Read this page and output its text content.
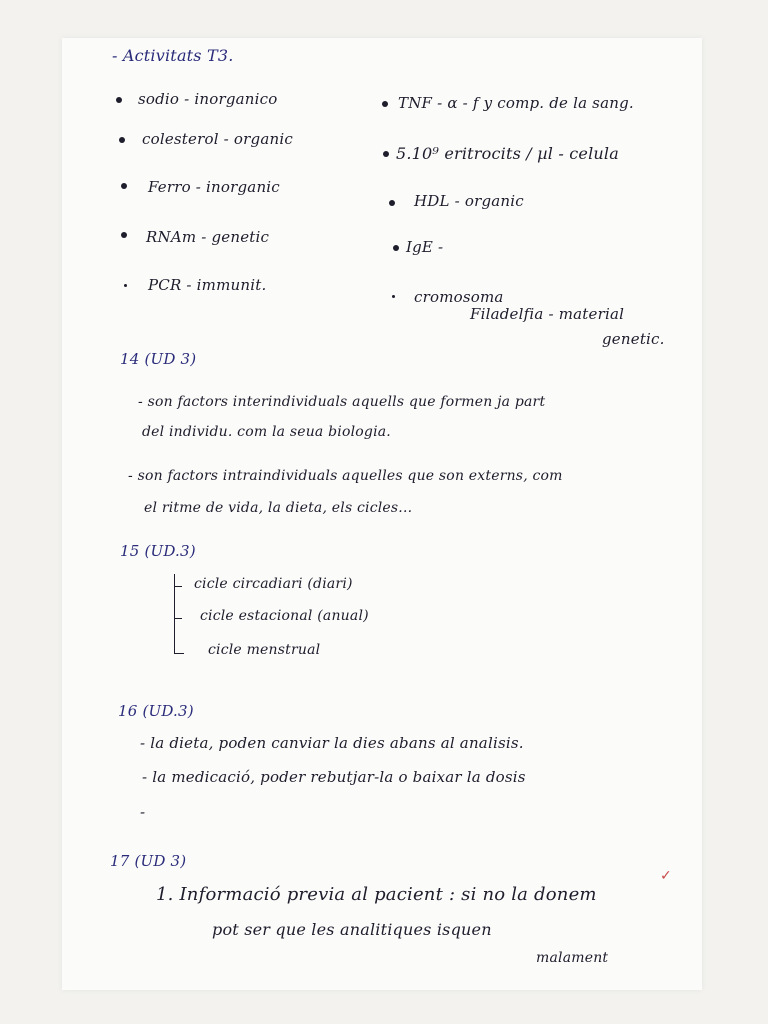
- Activitats T3.
sodio - inorganico
colesterol - organic
Ferro - inorganic
RNAm - genetic
PCR - immunit.
TNF - α - f y comp. de la sang.
5.10⁹ eritrocits / µl - celula
HDL - organic
IgE -
cromosoma
Filadelfia - material
genetic.
14 (UD 3)
- son factors interindividuals aquells que formen ja part
del individu. com la seua biologia.
- son factors intraindividuals aquelles que son externs, com
el ritme de vida, la dieta, els cicles...
15 (UD.3)
cicle circadiari (diari)
cicle estacional (anual)
cicle menstrual
16 (UD.3)
- la dieta, poden canviar la dies abans al analisis.
- la medicació, poder rebutjar-la o baixar la dosis
-
17 (UD 3)
1. Informació previa al pacient : si no la donem
pot ser que les analitiques isquen
malament
✓
